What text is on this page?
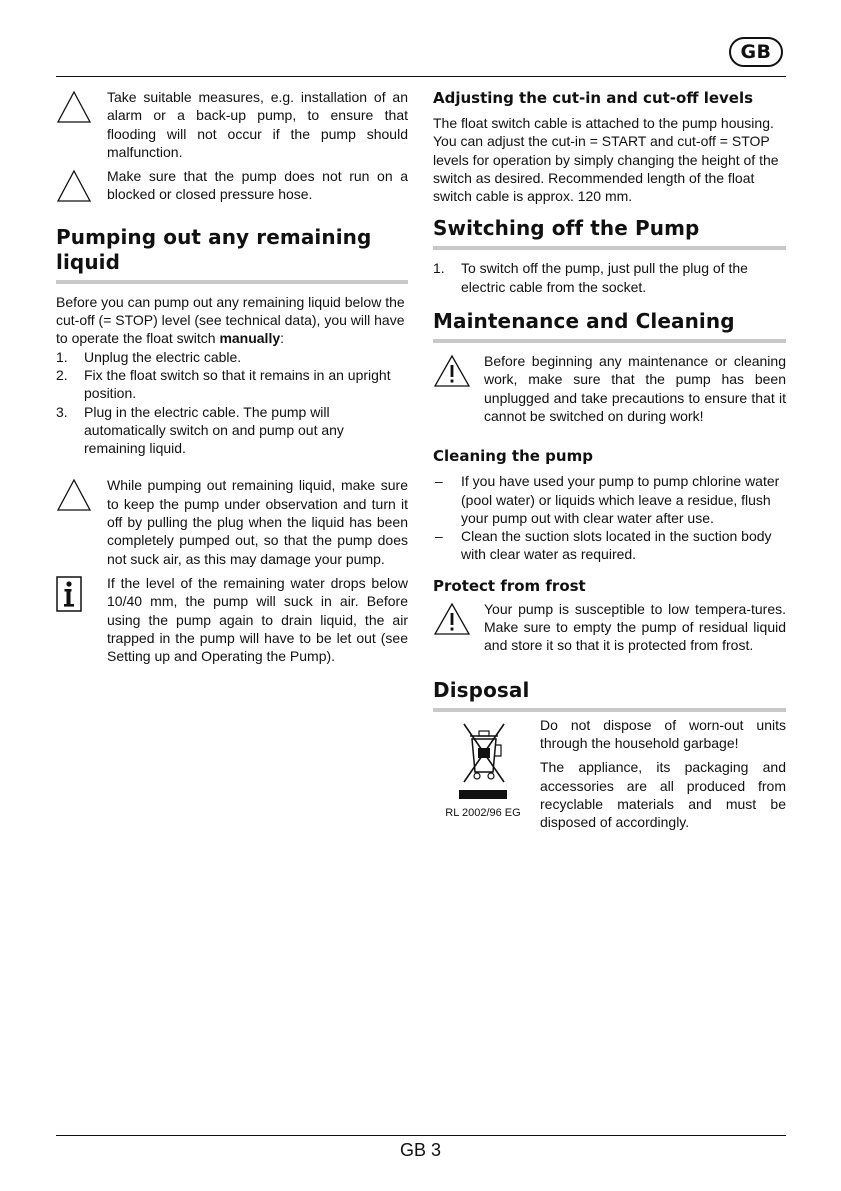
GB

Take suitable measures, e.g. installation of an alarm or a back-up pump, to ensure that flooding will not occur if the pump should malfunction.

Make sure that the pump does not run on a blocked or closed pressure hose.

Pumping out any remaining liquid

Before you can pump out any remaining liquid below the cut-off (= STOP) level (see technical data), you will have to operate the float switch manually:

1. Unplug the electric cable.
2. Fix the float switch so that it remains in an upright position.
3. Plug in the electric cable. The pump will automatically switch on and pump out any remaining liquid.

While pumping out remaining liquid, make sure to keep the pump under observation and turn it off by pulling the plug when the liquid has been completely pumped out, so that the pump does not suck air, as this may damage your pump.

If the level of the remaining water drops below 10/40 mm, the pump will suck in air. Before using the pump again to drain liquid, the air trapped in the pump will have to be let out (see Setting up and Operating the Pump).

Adjusting the cut-in and cut-off levels

The float switch cable is attached to the pump housing. You can adjust the cut-in = START and cut-off = STOP levels for operation by simply changing the height of the switch as desired. Recommended length of the float switch cable is approx. 120 mm.

Switching off the Pump
1. To switch off the pump, just pull the plug of the electric cable from the socket.
Maintenance and Cleaning

Before beginning any maintenance or cleaning work, make sure that the pump has been unplugged and take precautions to ensure that it cannot be switched on during work!

Cleaning the pump
– If you have used your pump to pump chlorine water (pool water) or liquids which leave a residue, flush your pump out with clear water after use.
– Clean the suction slots located in the suction body with clear water as required.
Protect from frost

Your pump is susceptible to low tempera-tures. Make sure to empty the pump of residual liquid and store it so that it is protected from frost.

Disposal
RL 2002/96 EG

Do not dispose of worn-out units through the household garbage!

The appliance, its packaging and accessories are all produced from recyclable materials and must be disposed of accordingly.

GB 3
